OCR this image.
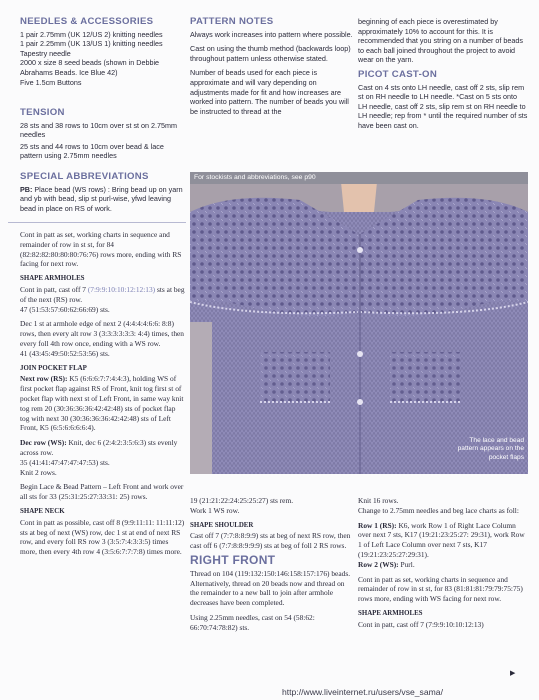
NEEDLES & ACCESSORIES
1 pair 2.75mm (UK 12/US 2) knitting needles
1 pair 2.25mm (UK 13/US 1) knitting needles
Tapestry needle
2000 x size 8 seed beads (shown in Debbie Abrahams Beads. Ice Blue 42)
Five 1.5cm Buttons
TENSION
28 sts and 38 rows to 10cm over st st on 2.75mm needles
25 sts and 44 rows to 10cm over bead & lace pattern using 2.75mm needles
SPECIAL ABBREVIATIONS
PB: Place bead (WS rows) : Bring bead up on yarn and yb with bead, slip st purl-wise, yfwd leaving bead in place on RS of work.
PATTERN NOTES

Always work increases into pattern where possible.

Cast on using the thumb method (backwards loop) throughout pattern unless otherwise stated.

Number of beads used for each piece is approximate and will vary depending on adjustments made for fit and how increases are worked into pattern. The number of beads you will be instructed to thread at the

beginning of each piece is overestimated by approximately 10% to account for this. It is recommended that you string on a number of beads to each ball joined throughout the project to avoid wear on the yarn.

PICOT CAST-ON

Cast on 4 sts onto LH needle, cast off 2 sts, slip rem st on RH needle to LH needle. *Cast on 5 sts onto LH needle, cast off 2 sts, slip rem st on RH needle to LH needle; rep from * until the required number of sts have been cast on.

For stockists and abbreviations, see p90
The lace and bead pattern appears on the pocket flaps

Cont in patt as set, working charts in sequence and remainder of row in st st, for 84 (82:82:82:80:80:80:76:76) rows more, ending with RS facing for next row.

SHAPE ARMHOLES

Cont in patt, cast off 7 (7:9:9:10:10:12:12:13) sts at beg of the next (RS) row.
47 (51:53:57:60:62:66:69) sts.

Dec 1 st at armhole edge of next 2 (4:4:4:4:6:6: 8:8) rows, then every alt row 3 (3:3:3:3:3:3: 4:4) times, then every foll 4th row once, ending with a WS row.
41 (43:45:49:50:52:53:56) sts.

JOIN POCKET FLAP

Next row (RS): K5 (6:6:6:7:7:4:4:3), holding WS of first pocket flap against RS of Front, knit tog first st of pocket flap with next st of Left Front, in same way knit tog rem 20 (30:36:36:36:42:42:48) sts of pocket flap tog with next 30 (30:36:36:36:42:42:48) sts of Left Front, K5 (6:5:6:6:6:6:4).

Dec row (WS): Knit, dec 6 (2:4:2:3:5:6:3) sts evenly across row.
35 (41:41:47:47:47:47:53) sts.
Knit 2 rows.

Begin Lace & Bead Pattern – Left Front and work over all sts for 33 (25:31:25:27:33:31: 25) rows.

SHAPE NECK

Cont in patt as possible, cast off 8 (9:9:11:11: 11:11:12) sts at beg of next (WS) row, dec 1 st at end of next RS row, and every foll RS row 3 (3:5:7:4:3:3:5) times more, then every 4th row 4 (3:5:6:7:7:7:8) times more.

19 (21:21:22:24:25:25:27) sts rem.
Work 1 WS row.

SHAPE SHOULDER

Cast off 7 (7:7:8:8:9:9) sts at beg of next RS row, then cast off 6 (7:7:8:8:9:9:9) sts at beg of foll 2 RS rows.

RIGHT FRONT

Thread on 104 (119:132:150:146:158:157:176) beads. Alternatively, thread on 20 beads now and thread on the remainder to a new ball to join after armhole decreases have been completed.

Using 2.25mm needles, cast on 54 (58:62: 66:70:74:78:82) sts.

Knit 16 rows.
Change to 2.75mm needles and beg lace charts as foll:

Row 1 (RS): K6, work Row 1 of Right Lace Column over next 7 sts, K17 (19:21:23:25:27: 29:31), work Row 1 of Left Lace Column over next 7 sts, K17 (19:21:23:25:27:29:31).
Row 2 (WS): Purl.

Cont in patt as set, working charts in sequence and remainder of row in st st, for 83 (81:81:81:79:79:75:75) rows more, ending with WS facing for next row.

SHAPE ARMHOLES

Cont in patt, cast off 7 (7:9:9:10:10:12:13)

▶
http://www.liveinternet.ru/users/vse_sama/
